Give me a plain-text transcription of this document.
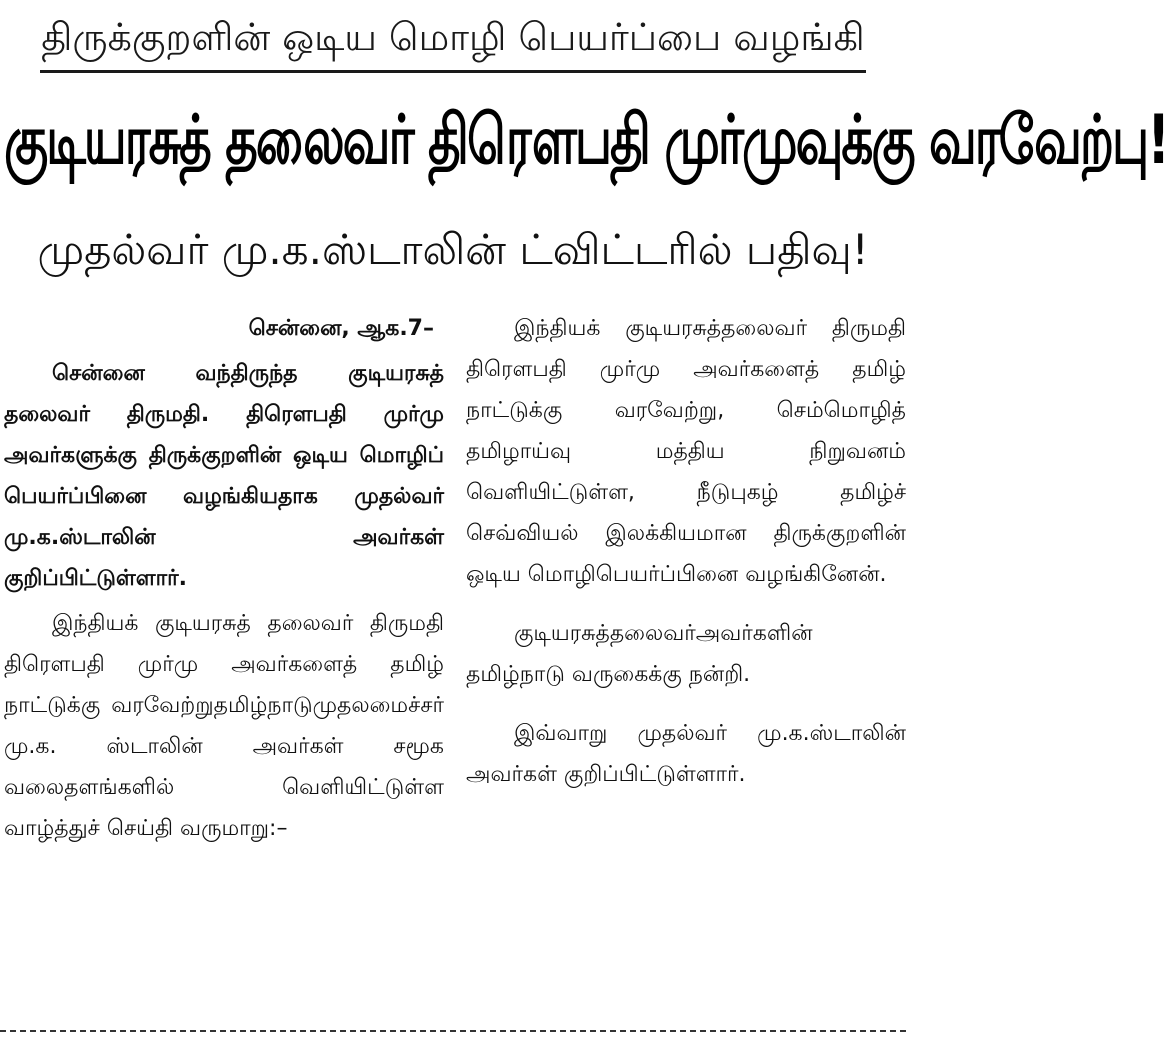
திருக்குறளின் ஒடிய மொழி பெயர்ப்பை வழங்கி
குடியரசுத் தலைவர் திரௌபதி முர்முவுக்கு வரவேற்பு!
முதல்வர் மு.க.ஸ்டாலின் ட்விட்டரில் பதிவு!

சென்னை, ஆக.7–

சென்னை வந்திருந்த குடியரசுத் தலைவர் திருமதி. திரௌபதி முர்மு அவர்களுக்கு திருக்குறளின் ஒடிய மொழிப் பெயர்ப்பினை வழங்கியதாக முதல்வர் மு.க.ஸ்டாலின் அவர்கள் குறிப்பிட்டுள்ளார்.

இந்தியக் குடியரசுத் தலைவர் திருமதி திரௌபதி முர்மு அவர்களைத் தமிழ் நாட்டுக்கு வரவேற்றுதமிழ்நாடுமுதலமைச்சர் மு.க. ஸ்டாலின் அவர்கள் சமூக வலைதளங்களில் வெளியிட்டுள்ள வாழ்த்துச் செய்தி வருமாறு:–

இந்தியக் குடியரசுத்தலைவர் திருமதி திரௌபதி முர்மு அவர்களைத் தமிழ் நாட்டுக்கு வரவேற்று, செம்மொழித் தமிழாய்வு மத்திய நிறுவனம் வெளியிட்டுள்ள, நீடுபுகழ் தமிழ்ச் செவ்வியல் இலக்கியமான திருக்குறளின் ஒடிய மொழிபெயர்ப்பினை வழங்கினேன்.

குடியரசுத்தலைவர்அவர்களின் தமிழ்நாடு வருகைக்கு நன்றி.

இவ்வாறு முதல்வர் மு.க.ஸ்டாலின் அவர்கள் குறிப்பிட்டுள்ளார்.
